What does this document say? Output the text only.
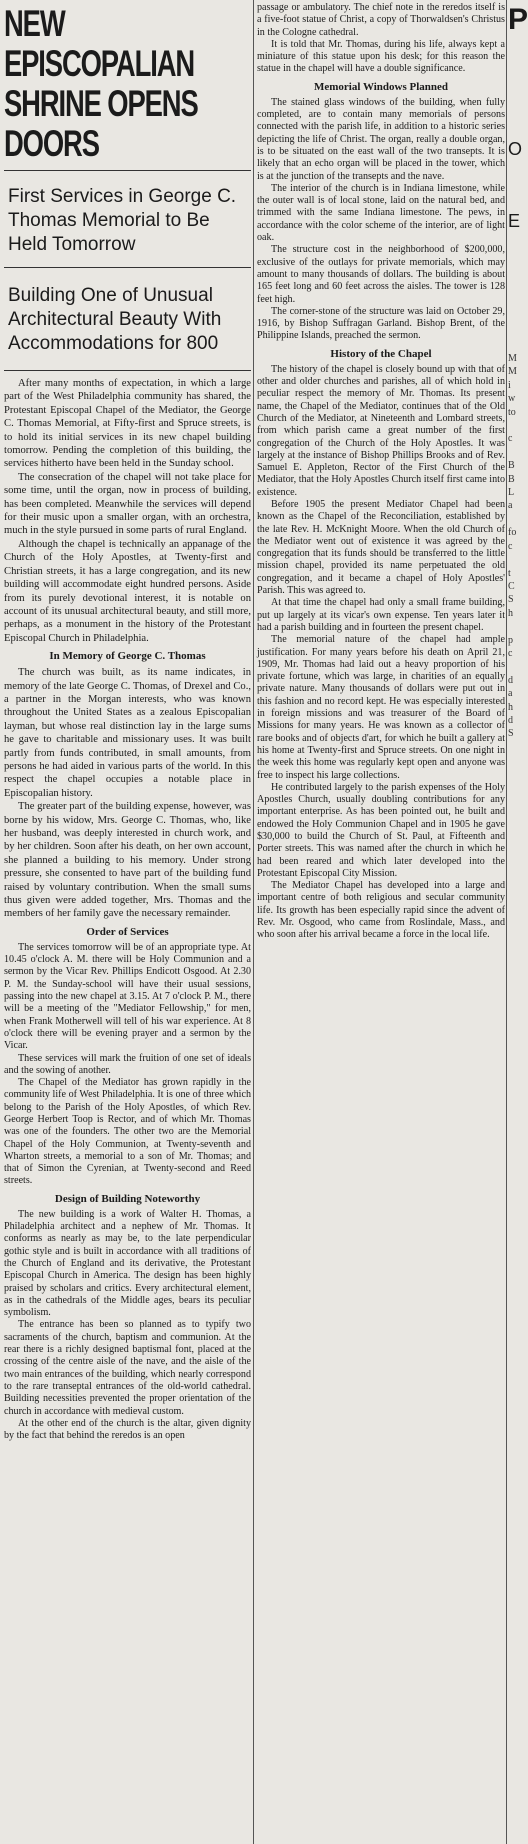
NEW EPISCOPALIAN SHRINE OPENS DOORS
First Services in George C. Thomas Memorial to Be Held Tomorrow
Building One of Unusual Architectural Beauty With Accommodations for 800

After many months of expectation, in which a large part of the West Philadelphia community has shared, the Protestant Episcopal Chapel of the Mediator, the George C. Thomas Memorial, at Fifty-first and Spruce streets, is to hold its initial services in its new chapel building tomorrow. Pending the completion of this building, the services hitherto have been held in the Sunday school.

The consecration of the chapel will not take place for some time, until the organ, now in process of building, has been completed. Meanwhile the services will depend for their music upon a smaller organ, with an orchestra, much in the style pursued in some parts of rural England.

Although the chapel is technically an appanage of the Church of the Holy Apostles, at Twenty-first and Christian streets, it has a large congregation, and its new building will accommodate eight hundred persons. Aside from its purely devotional interest, it is notable on account of its unusual architectural beauty, and still more, perhaps, as a monument in the history of the Protestant Episcopal Church in Philadelphia.

In Memory of George C. Thomas

The church was built, as its name indicates, in memory of the late George C. Thomas, of Drexel and Co., a partner in the Morgan interests, who was known throughout the United States as a zealous Episcopalian layman, but whose real distinction lay in the large sums he gave to charitable and missionary uses. It was built partly from funds contributed, in small amounts, from persons he had aided in various parts of the world. In this respect the chapel occupies a notable place in Episcopalian history.

The greater part of the building expense, however, was borne by his widow, Mrs. George C. Thomas, who, like her husband, was deeply interested in church work, and by her children. Soon after his death, on her own account, she planned a building to his memory. Under strong pressure, she consented to have part of the building fund raised by voluntary contribution. When the small sums thus given were added together, Mrs. Thomas and the members of her family gave the necessary remainder.

Order of Services

The services tomorrow will be of an appropriate type. At 10.45 o'clock A. M. there will be Holy Communion and a sermon by the Vicar Rev. Phillips Endicott Osgood. At 2.30 P. M. the Sunday-school will have their usual sessions, passing into the new chapel at 3.15. At 7 o'clock P. M., there will be a meeting of the "Mediator Fellowship," for men, when Frank Motherwell will tell of his war experience. At 8 o'clock there will be evening prayer and a sermon by the Vicar.

These services will mark the fruition of one set of ideals and the sowing of another.

The Chapel of the Mediator has grown rapidly in the community life of West Philadelphia. It is one of three which belong to the Parish of the Holy Apostles, of which Rev. George Herbert Toop is Rector, and of which Mr. Thomas was one of the founders. The other two are the Memorial Chapel of the Holy Communion, at Twenty-seventh and Wharton streets, a memorial to a son of Mr. Thomas; and that of Simon the Cyrenian, at Twenty-second and Reed streets.

Design of Building Noteworthy

The new building is a work of Walter H. Thomas, a Philadelphia architect and a nephew of Mr. Thomas. It conforms as nearly as may be, to the late perpendicular gothic style and is built in accordance with all traditions of the Church of England and its derivative, the Protestant Episcopal Church in America. The design has been highly praised by scholars and critics. Every architectural element, as in the cathedrals of the Middle ages, bears its peculiar symbolism.

The entrance has been so planned as to typify two sacraments of the church, baptism and communion. At the rear there is a richly designed baptismal font, placed at the crossing of the centre aisle of the nave, and the aisle of the two main entrances of the building, which nearly correspond to the rare transeptal entrances of the old-world cathedral. Building necessities prevented the proper orientation of the church in accordance with medieval custom.

At the other end of the church is the altar, given dignity by the fact that behind the reredos is an open

passage or ambulatory. The chief note in the reredos itself is a five-foot statue of Christ, a copy of Thorwaldsen's Christus in the Cologne cathedral.

It is told that Mr. Thomas, during his life, always kept a miniature of this statue upon his desk; for this reason the statue in the chapel will have a double significance.

Memorial Windows Planned

The stained glass windows of the building, when fully completed, are to contain many memorials of persons connected with the parish life, in addition to a historic series depicting the life of Christ. The organ, really a double organ, is to be situated on the east wall of the two transepts. It is likely that an echo organ will be placed in the tower, which is at the junction of the transepts and the nave.

The interior of the church is in Indiana limestone, while the outer wall is of local stone, laid on the natural bed, and trimmed with the same Indiana limestone. The pews, in accordance with the color scheme of the interior, are of light oak.

The structure cost in the neighborhood of $200,000, exclusive of the outlays for private memorials, which may amount to many thousands of dollars. The building is about 165 feet long and 60 feet across the aisles. The tower is 128 feet high.

The corner-stone of the structure was laid on October 29, 1916, by Bishop Suffragan Garland. Bishop Brent, of the Philippine Islands, preached the sermon.

History of the Chapel

The history of the chapel is closely bound up with that of other and older churches and parishes, all of which hold in peculiar respect the memory of Mr. Thomas. Its present name, the Chapel of the Mediator, continues that of the Old Church of the Mediator, at Nineteenth and Lombard streets, from which parish came a great number of the first congregation of the Church of the Holy Apostles. It was largely at the instance of Bishop Phillips Brooks and of Rev. Samuel E. Appleton, Rector of the First Church of the Mediator, that the Holy Apostles Church itself first came into existence.

Before 1905 the present Mediator Chapel had been known as the Chapel of the Reconciliation, established by the late Rev. H. McKnight Moore. When the old Church of the Mediator went out of existence it was agreed by the congregation that its funds should be transferred to the little mission chapel, provided its name perpetuated the old congregation, and it became a chapel of Holy Apostles' Parish. This was agreed to.

At that time the chapel had only a small frame building, put up largely at its vicar's own expense. Ten years later it had a parish building and in fourteen the present chapel.

The memorial nature of the chapel had ample justification. For many years before his death on April 21, 1909, Mr. Thomas had laid out a heavy proportion of his private fortune, which was large, in charities of an equally private nature. Many thousands of dollars were put out in this fashion and no record kept. He was especially interested in foreign missions and was treasurer of the Board of Missions for many years. He was known as a collector of rare books and of objects d'art, for which he built a gallery at his home at Twenty-first and Spruce streets. On one night in the week this home was regularly kept open and anyone was free to inspect his large collections.

He contributed largely to the parish expenses of the Holy Apostles Church, usually doubling contributions for any important enterprise. As has been pointed out, he built and endowed the Holy Communion Chapel and in 1905 he gave $30,000 to build the Church of St. Paul, at Fifteenth and Porter streets. This was named after the church in which he had been reared and which later developed into the Protestant Episcopal City Mission.

The Mediator Chapel has developed into a large and important centre of both religious and secular community life. Its growth has been especially rapid since the advent of Rev. Mr. Osgood, who came from Roslindale, Mass., and who soon after his arrival became a force in the local life.

P
O
E
M
M
i
w
to

c

B
B
L
a

fo
c

t
C
S
h

p
c

d
a
h
d
S
